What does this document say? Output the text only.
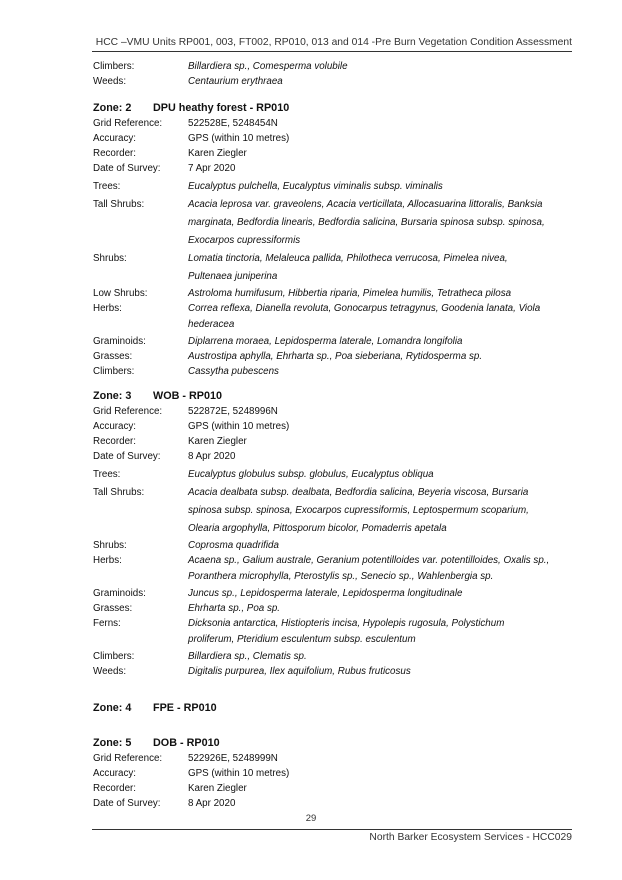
HCC –VMU Units RP001, 003, FT002, RP010, 013 and 014 -Pre Burn Vegetation Condition Assessment
Climbers:	Billardiera sp., Comesperma volubile
Weeds:	Centaurium erythraea
Zone: 2	DPU heathy forest - RP010
Grid Reference:	522528E, 5248454N
Accuracy:	GPS (within 10 metres)
Recorder:	Karen Ziegler
Date of Survey:	7 Apr 2020
Trees:	Eucalyptus pulchella, Eucalyptus viminalis subsp. viminalis
Tall Shrubs:	Acacia leprosa var. graveolens, Acacia verticillata, Allocasuarina littoralis, Banksia
marginata, Bedfordia linearis, Bedfordia salicina, Bursaria spinosa subsp. spinosa,
Exocarpos cupressiformis
Shrubs:	Lomatia tinctoria, Melaleuca pallida, Philotheca verrucosa, Pimelea nivea,
Pultenaea juniperina
Low Shrubs:	Astroloma humifusum, Hibbertia riparia, Pimelea humilis, Tetratheca pilosa
Herbs:	Correa reflexa, Dianella revoluta, Gonocarpus tetragynus, Goodenia lanata, Viola
hederacea
Graminoids:	Diplarrena moraea, Lepidosperma laterale, Lomandra longifolia
Grasses:	Austrostipa aphylla, Ehrharta sp., Poa sieberiana, Rytidosperma sp.
Climbers:	Cassytha pubescens
Zone: 3	WOB - RP010
Grid Reference:	522872E, 5248996N
Accuracy:	GPS (within 10 metres)
Recorder:	Karen Ziegler
Date of Survey:	8 Apr 2020
Trees:	Eucalyptus globulus subsp. globulus, Eucalyptus obliqua
Tall Shrubs:	Acacia dealbata subsp. dealbata, Bedfordia salicina, Beyeria viscosa, Bursaria
spinosa subsp. spinosa, Exocarpos cupressiformis, Leptospermum scoparium,
Olearia argophylla, Pittosporum bicolor, Pomaderris apetala
Shrubs:	Coprosma quadrifida
Herbs:	Acaena sp., Galium australe, Geranium potentilloides var. potentilloides, Oxalis sp.,
Poranthera microphylla, Pterostylis sp., Senecio sp., Wahlenbergia sp.
Graminoids:	Juncus sp., Lepidosperma laterale, Lepidosperma longitudinale
Grasses:	Ehrharta sp., Poa sp.
Ferns:	Dicksonia antarctica, Histiopteris incisa, Hypolepis rugosula, Polystichum
proliferum, Pteridium esculentum subsp. esculentum
Climbers:	Billardiera sp., Clematis sp.
Weeds:	Digitalis purpurea, Ilex aquifolium, Rubus fruticosus
Zone: 4	FPE - RP010
Zone: 5	DOB - RP010
Grid Reference:	522926E, 5248999N
Accuracy:	GPS (within 10 metres)
Recorder:	Karen Ziegler
Date of Survey:	8 Apr 2020
29
North Barker Ecosystem Services - HCC029
